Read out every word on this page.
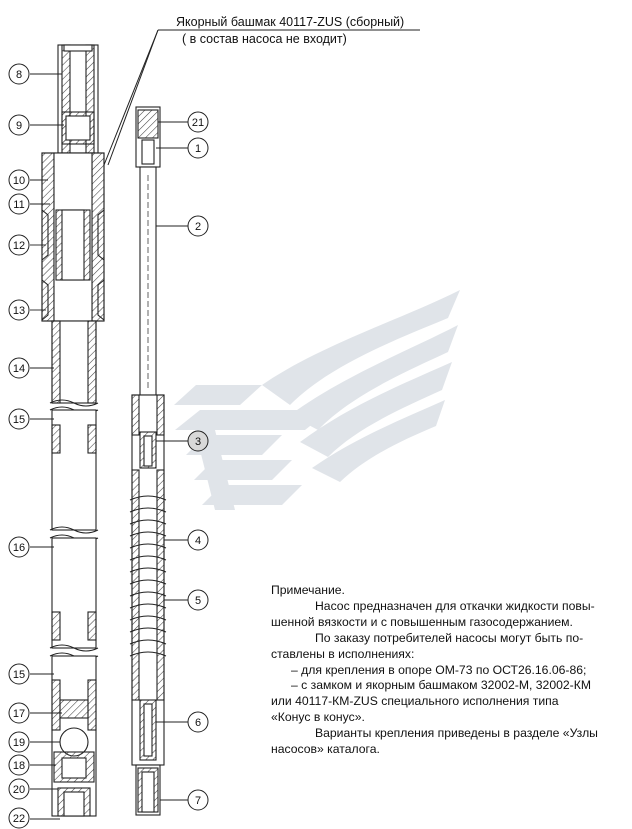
Якорный башмак 40117-ZUS (сборный)
( в состав насоса не входит)
8
9
10
11
12
13
14
15
16
15
17
19
18
20
22
21
1
2
3
4
5
6
7
Примечание.
Насос предназначен для откачки жидкости повы-
шенной вязкости и с повышенным газосодержанием.
По заказу потребителей насосы могут быть по-
ставлены в исполнениях:
– для крепления в опоре ОМ-73 по ОСТ26.16.06-86;
– с замком и якорным башмаком 32002-М, 32002-КМ
или 40117-КМ-ZUS специального исполнения типа
«Конус в конус».
Варианты крепления приведены в разделе «Узлы
насосов» каталога.
